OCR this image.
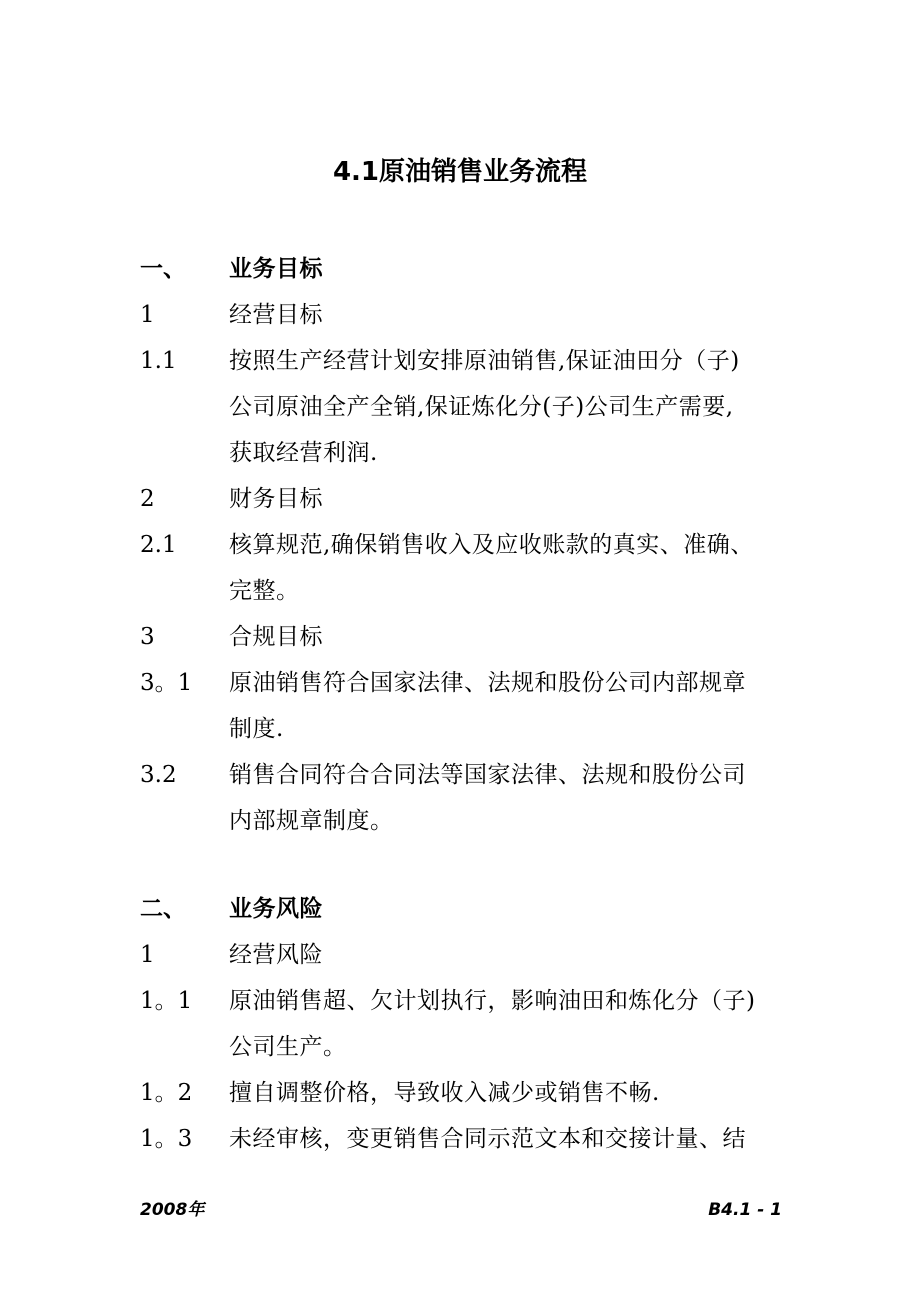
4.1原油销售业务流程
一、	业务目标
1	经营目标
1.1	按照生产经营计划安排原油销售,保证油田分（子)
公司原油全产全销,保证炼化分(子)公司生产需要,
获取经营利润.
2	财务目标
2.1	核算规范,确保销售收入及应收账款的真实、准确、
完整。
3	合规目标
3。1	原油销售符合国家法律、法规和股份公司内部规章
制度.
3.2	销售合同符合合同法等国家法律、法规和股份公司
内部规章制度。
二、	业务风险
1	经营风险
1。1	原油销售超、欠计划执行，影响油田和炼化分（子)
公司生产。
1。2	擅自调整价格，导致收入减少或销售不畅.
1。3	未经审核，变更销售合同示范文本和交接计量、结
2008年	B4.1 - 1
